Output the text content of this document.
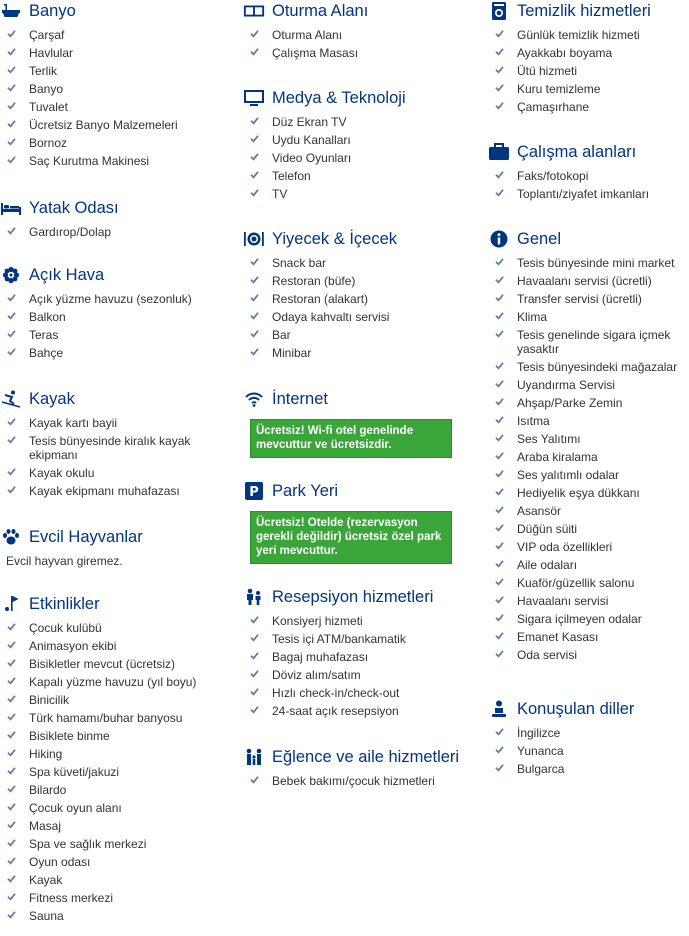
Banyo
Çarşaf
Havlular
Terlik
Banyo
Tuvalet
Ücretsiz Banyo Malzemeleri
Bornoz
Saç Kurutma Makinesi
Yatak Odası
Gardırop/Dolap
Açık Hava
Açık yüzme havuzu (sezonluk)
Balkon
Teras
Bahçe
Kayak
Kayak kartı bayii
Tesis bünyesinde kiralık kayak ekipmanı
Kayak okulu
Kayak ekipmanı muhafazası
Evcil Hayvanlar
Evcil hayvan giremez.
Etkinlikler
Çocuk kulübü
Animasyon ekibi
Bisikletler mevcut (ücretsiz)
Kapalı yüzme havuzu (yıl boyu)
Binicilik
Türk hamamı/buhar banyosu
Bisiklete binme
Hiking
Spa küveti/jakuzi
Bilardo
Çocuk oyun alanı
Masaj
Spa ve sağlık merkezi
Oyun odası
Kayak
Fitness merkezi
Sauna
Oturma Alanı
Oturma Alanı
Çalışma Masası
Medya & Teknoloji
Düz Ekran TV
Uydu Kanalları
Video Oyunları
Telefon
TV
Yiyecek & İçecek
Snack bar
Restoran (büfe)
Restoran (alakart)
Odaya kahvaltı servisi
Bar
Minibar
İnternet
Ücretsiz! Wi-fi otel genelinde mevcuttur ve ücretsizdir.
P Park Yeri
Ücretsiz! Otelde (rezervasyon gerekli değildir) ücretsiz özel park yeri mevcuttur.
Resepsiyon hizmetleri
Konsiyerj hizmeti
Tesis içi ATM/bankamatik
Bagaj muhafazası
Döviz alım/satım
Hızlı check-in/check-out
24-saat açık resepsiyon
Eğlence ve aile hizmetleri
Bebek bakımı/çocuk hizmetleri
Temizlik hizmetleri
Günlük temizlik hizmeti
Ayakkabı boyama
Ütü hizmeti
Kuru temizleme
Çamaşırhane
Çalışma alanları
Faks/fotokopi
Toplantı/ziyafet imkanları
Genel
Tesis bünyesinde mini market
Havaalanı servisi (ücretli)
Transfer servisi (ücretli)
Klima
Tesis genelinde sigara içmek yasaktır
Tesis bünyesindeki mağazalar
Uyandırma Servisi
Ahşap/Parke Zemin
Isıtma
Ses Yalıtımı
Araba kiralama
Ses yalıtımlı odalar
Hediyelik eşya dükkanı
Asansör
Düğün süiti
VIP oda özellikleri
Aile odaları
Kuaför/güzellik salonu
Havaalanı servisi
Sigara içilmeyen odalar
Emanet Kasası
Oda servisi
Konuşulan diller
İngilizce
Yunanca
Bulgarca
